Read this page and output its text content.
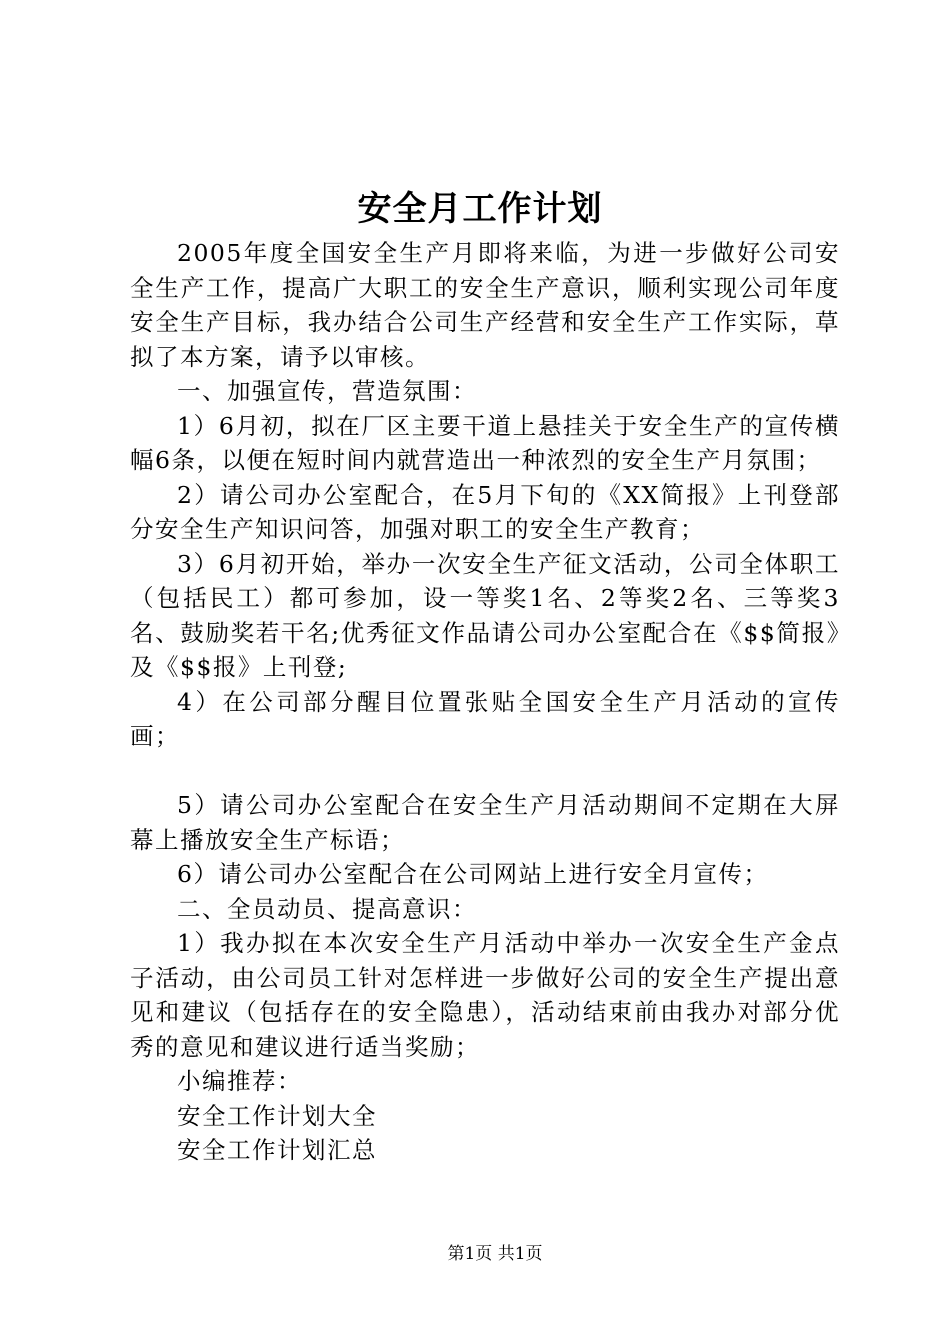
安全月工作计划

2005年度全国安全生产月即将来临，为进一步做好公司安全生产工作，提高广大职工的安全生产意识，顺利实现公司年度安全生产目标，我办结合公司生产经营和安全生产工作实际，草拟了本方案，请予以审核。

一、加强宣传，营造氛围：

1）6月初，拟在厂区主要干道上悬挂关于安全生产的宣传横幅6条，以便在短时间内就营造出一种浓烈的安全生产月氛围；

2）请公司办公室配合，在5月下旬的《XX简报》上刊登部分安全生产知识问答，加强对职工的安全生产教育；

3）6月初开始，举办一次安全生产征文活动，公司全体职工（包括民工）都可参加，设一等奖1名、2等奖2名、三等奖3名、鼓励奖若干名;优秀征文作品请公司办公室配合在《$$简报》及《$$报》上刊登;

4）在公司部分醒目位置张贴全国安全生产月活动的宣传画；

5）请公司办公室配合在安全生产月活动期间不定期在大屏幕上播放安全生产标语；

6）请公司办公室配合在公司网站上进行安全月宣传；

二、全员动员、提高意识：

1）我办拟在本次安全生产月活动中举办一次安全生产金点子活动，由公司员工针对怎样进一步做好公司的安全生产提出意见和建议（包括存在的安全隐患），活动结束前由我办对部分优秀的意见和建议进行适当奖励；

小编推荐：

安全工作计划大全

安全工作计划汇总

第1页 共1页
